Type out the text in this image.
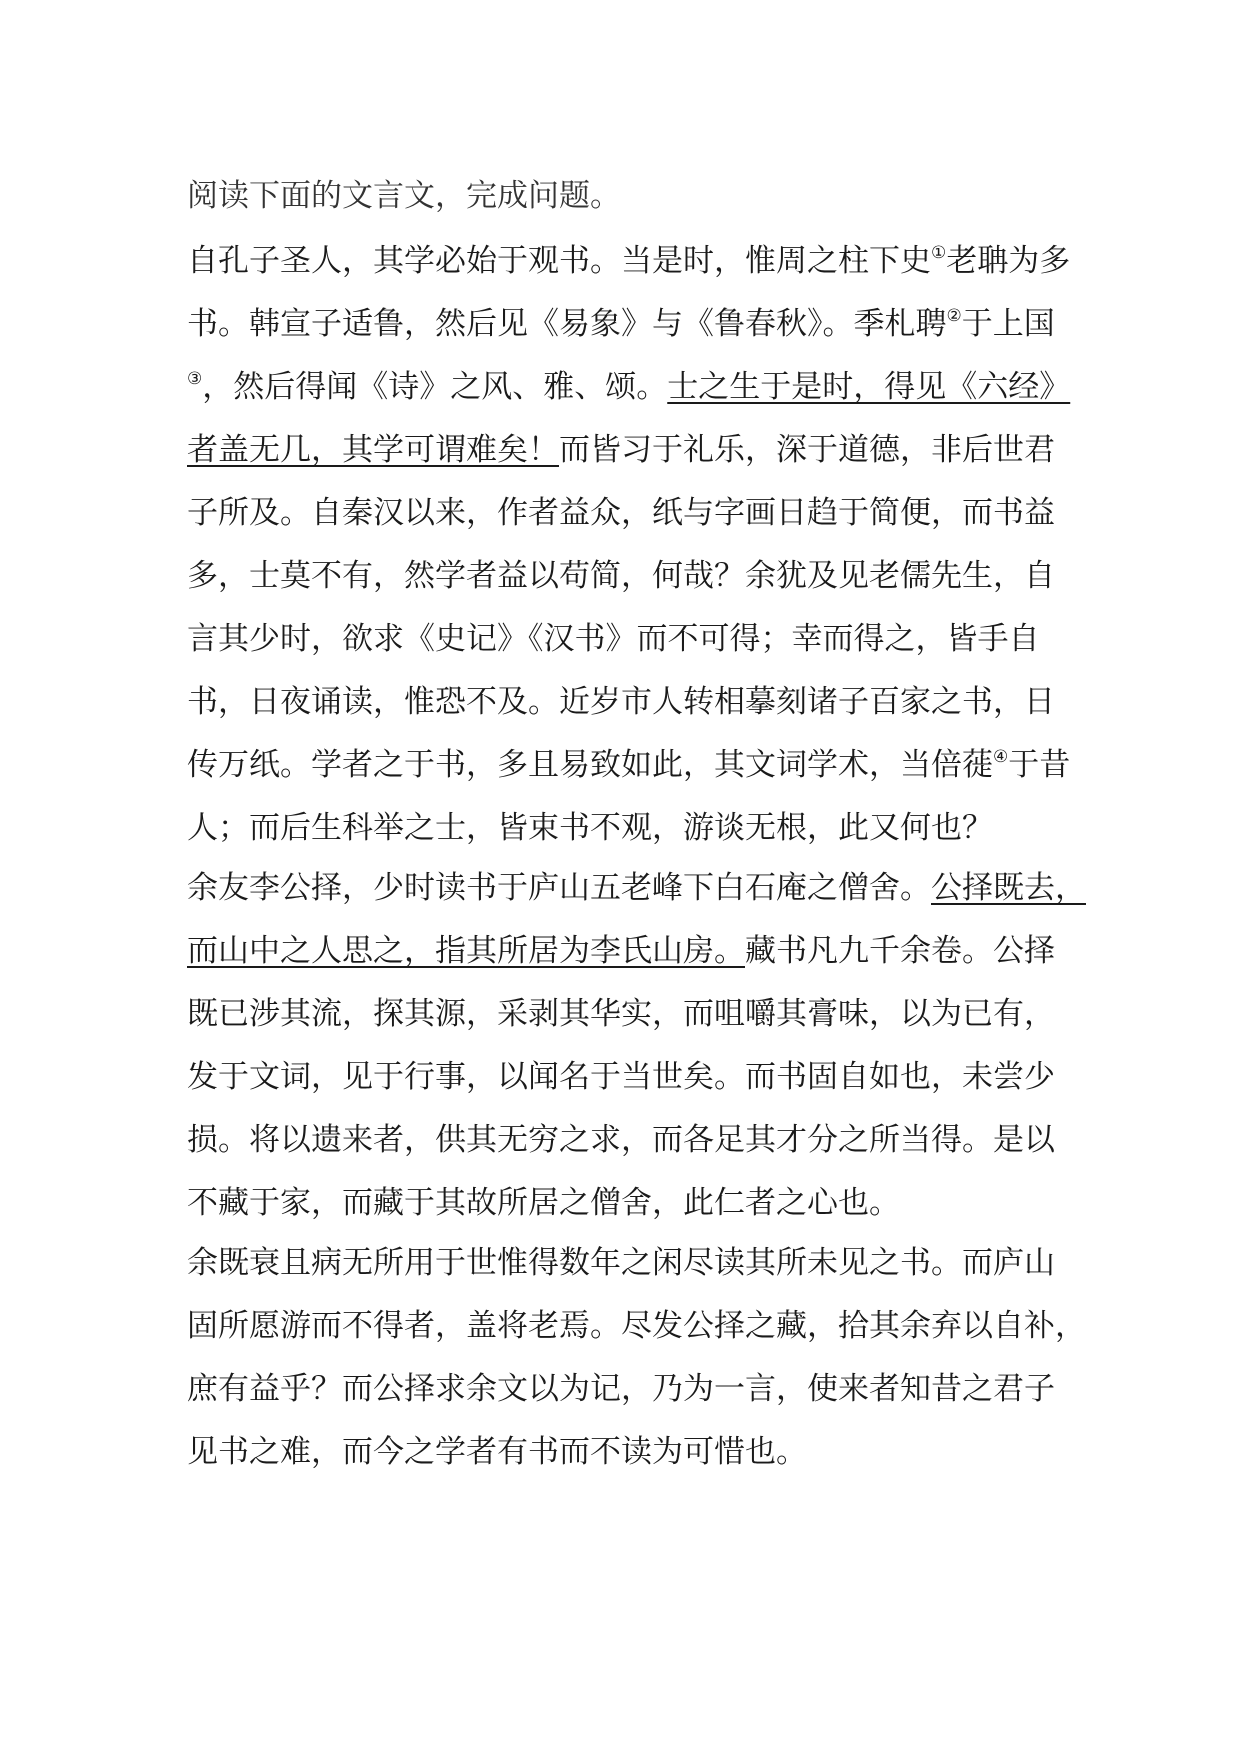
阅读下面的文言文，完成问题。
自孔子圣人，其学必始于观书。当是时，惟周之柱下史①老聃为多
书。韩宣子适鲁，然后见《易象》与《鲁春秋》。季札聘②于上国
③，然后得闻《诗》之风、雅、颂。士之生于是时，得见《六经》
者盖无几，其学可谓难矣！而皆习于礼乐，深于道德，非后世君
子所及。自秦汉以来，作者益众，纸与字画日趋于简便，而书益
多，士莫不有，然学者益以苟简，何哉？余犹及见老儒先生，自
言其少时，欲求《史记》《汉书》而不可得；幸而得之，皆手自
书，日夜诵读，惟恐不及。近岁市人转相摹刻诸子百家之书，日
传万纸。学者之于书，多且易致如此，其文词学术，当倍蓰④于昔
人；而后生科举之士，皆束书不观，游谈无根，此又何也？
余友李公择，少时读书于庐山五老峰下白石庵之僧舍。公择既去，
而山中之人思之，指其所居为李氏山房。藏书凡九千余卷。公择
既已涉其流，探其源，采剥其华实，而咀嚼其膏味，以为已有，
发于文词，见于行事，以闻名于当世矣。而书固自如也，未尝少
损。将以遗来者，供其无穷之求，而各足其才分之所当得。是以
不藏于家，而藏于其故所居之僧舍，此仁者之心也。
余既衰且病无所用于世惟得数年之闲尽读其所未见之书。而庐山
固所愿游而不得者，盖将老焉。尽发公择之藏，拾其余弃以自补，
庶有益乎？而公择求余文以为记，乃为一言，使来者知昔之君子
见书之难，而今之学者有书而不读为可惜也。
